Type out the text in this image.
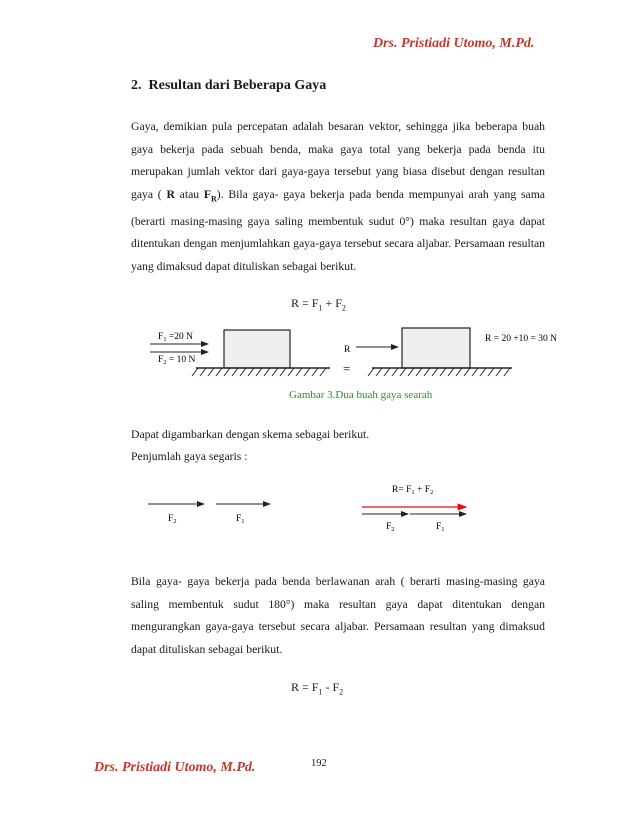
Drs. Pristiadi Utomo, M.Pd.
2. Resultan dari Beberapa Gaya
Gaya, demikian pula percepatan adalah besaran vektor, sehingga jika beberapa buah gaya bekerja pada sebuah benda, maka gaya total yang bekerja pada benda itu merupakan jumlah vektor dari gaya-gaya tersebut yang biasa disebut dengan resultan gaya ( R atau $F_R$). Bila gaya- gaya bekerja pada benda mempunyai arah yang sama (berarti masing-masing gaya saling membentuk sudut 0°) maka resultan gaya dapat ditentukan dengan menjumlahkan gaya-gaya tersebut secara aljabar. Persamaan resultan yang dimaksud dapat dituliskan sebagai berikut.
$R = F_1 + F_2$
$F_1 =20$ N
$F_2 = 10$ N
R
=
R = 20 +10 = 30 N
Gambar 3.Dua buah gaya searah
Dapat digambarkan dengan skema sebagai berikut.
Penjumlah gaya segaris :
$F_2$	$F_1$
$R= F_1 + F_2$
$F_2$	$F_1$
Bila gaya- gaya bekerja pada benda berlawanan arah ( berarti masing-masing gaya saling membentuk sudut 180°) maka resultan gaya dapat ditentukan dengan mengurangkan gaya-gaya tersebut secara aljabar. Persamaan resultan yang dimaksud dapat dituliskan sebagai berikut.
$R = F_1 - F_2$
Drs. Pristiadi Utomo, M.Pd.	192
